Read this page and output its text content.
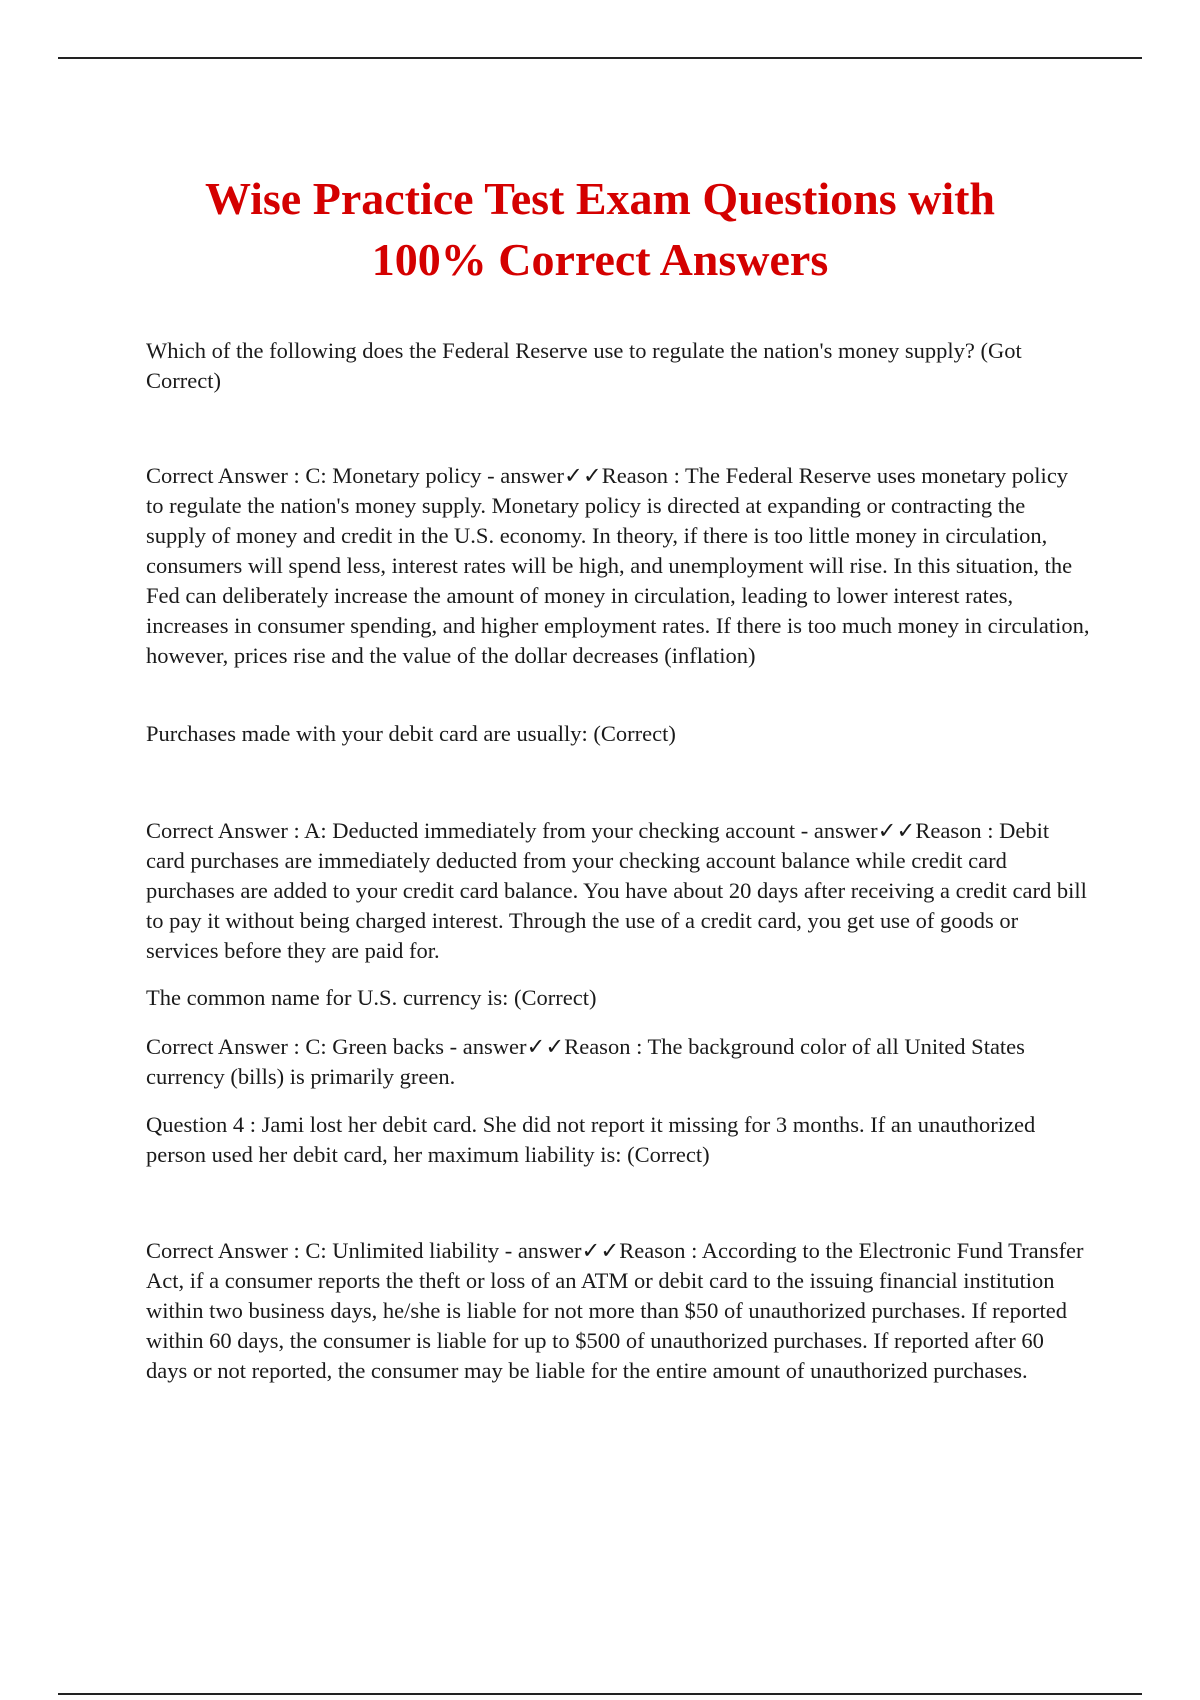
Wise Practice Test Exam Questions with
100% Correct Answers

Which of the following does the Federal Reserve use to regulate the nation's money supply? (Got Correct)

Correct Answer : C: Monetary policy - answer✓✓Reason : The Federal Reserve uses monetary policy to regulate the nation's money supply. Monetary policy is directed at expanding or contracting the supply of money and credit in the U.S. economy. In theory, if there is too little money in circulation, consumers will spend less, interest rates will be high, and unemployment will rise. In this situation, the Fed can deliberately increase the amount of money in circulation, leading to lower interest rates, increases in consumer spending, and higher employment rates. If there is too much money in circulation, however, prices rise and the value of the dollar decreases (inflation)

Purchases made with your debit card are usually: (Correct)

Correct Answer : A: Deducted immediately from your checking account - answer✓✓Reason : Debit card purchases are immediately deducted from your checking account balance while credit card purchases are added to your credit card balance. You have about 20 days after receiving a credit card bill to pay it without being charged interest. Through the use of a credit card, you get use of goods or services before they are paid for.

The common name for U.S. currency is: (Correct)

Correct Answer : C: Green backs - answer✓✓Reason : The background color of all United States currency (bills) is primarily green.

Question 4 : Jami lost her debit card. She did not report it missing for 3 months. If an unauthorized person used her debit card, her maximum liability is: (Correct)

Correct Answer : C: Unlimited liability - answer✓✓Reason : According to the Electronic Fund Transfer Act, if a consumer reports the theft or loss of an ATM or debit card to the issuing financial institution within two business days, he/she is liable for not more than $50 of unauthorized purchases. If reported within 60 days, the consumer is liable for up to $500 of unauthorized purchases. If reported after 60 days or not reported, the consumer may be liable for the entire amount of unauthorized purchases.
